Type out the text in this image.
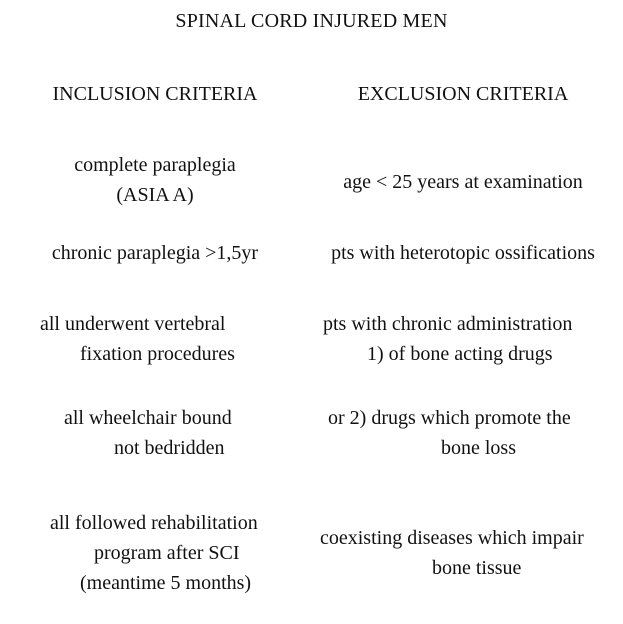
SPINAL CORD INJURED MEN
INCLUSION CRITERIA	EXCLUSION CRITERIA
complete paraplegia
(ASIA A)
chronic paraplegia >1,5yr
all underwent vertebral
fixation procedures
all wheelchair bound
not bedridden
all followed rehabilitation
program after SCI
(meantime 5 months)
age < 25 years at examination
pts with heterotopic ossifications
pts with chronic administration
1) of bone acting drugs
or 2) drugs which promote the
bone loss
coexisting diseases which impair
bone tissue
